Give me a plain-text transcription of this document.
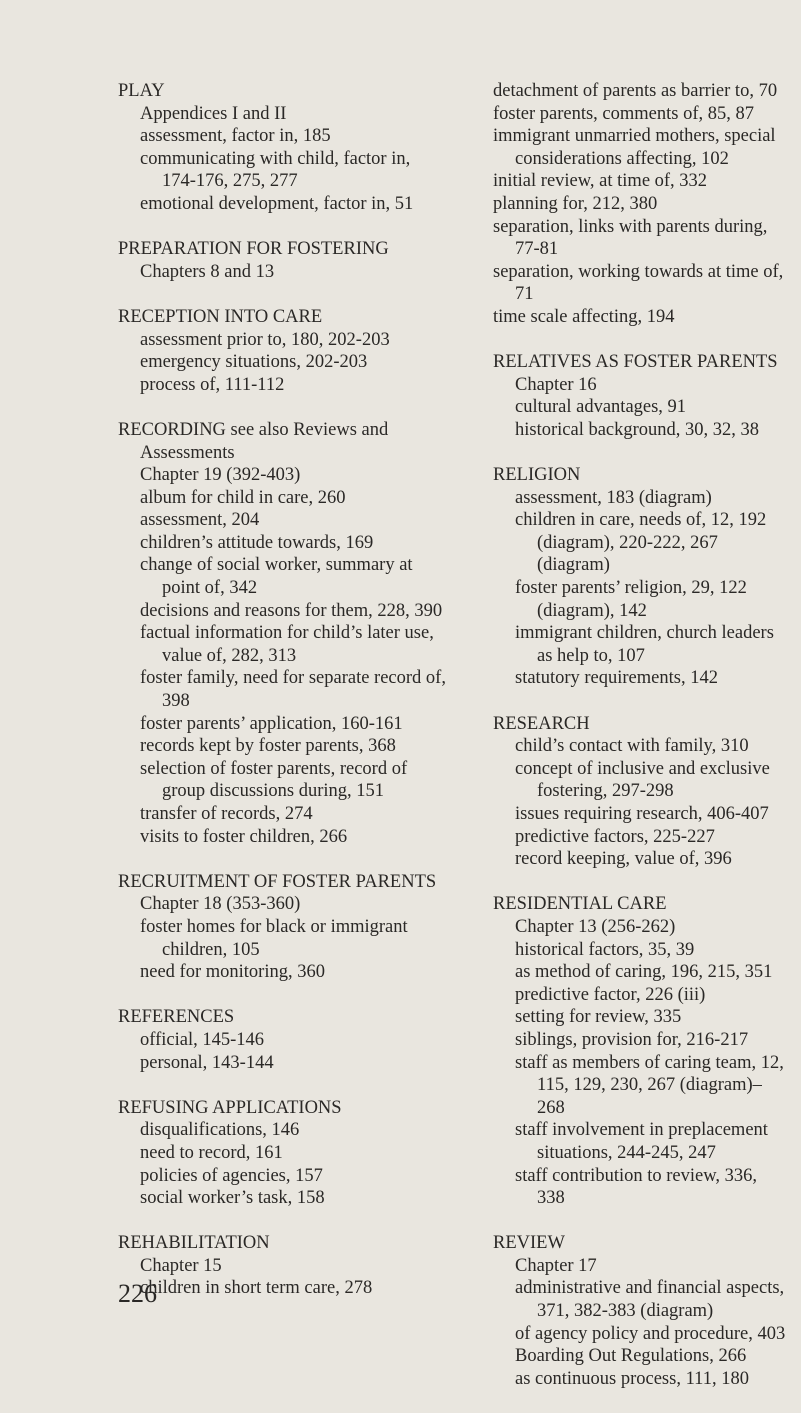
PLAY
Appendices I and II
assessment, factor in, 185
communicating with child, factor in, 174-176, 275, 277
emotional development, factor in, 51
PREPARATION FOR FOSTERING
Chapters 8 and 13
RECEPTION INTO CARE
assessment prior to, 180, 202-203
emergency situations, 202-203
process of, 111-112
RECORDING see also Reviews and Assessments
Chapter 19 (392-403)
album for child in care, 260
assessment, 204
children’s attitude towards, 169
change of social worker, summary at point of, 342
decisions and reasons for them, 228, 390
factual information for child’s later use, value of, 282, 313
foster family, need for separate record of, 398
foster parents’ application, 160-161
records kept by foster parents, 368
selection of foster parents, record of group discussions during, 151
transfer of records, 274
visits to foster children, 266
RECRUITMENT OF FOSTER PARENTS
Chapter 18 (353-360)
foster homes for black or immigrant children, 105
need for monitoring, 360
REFERENCES
official, 145-146
personal, 143-144
REFUSING APPLICATIONS
disqualifications, 146
need to record, 161
policies of agencies, 157
social worker’s task, 158
REHABILITATION
Chapter 15
children in short term care, 278
detachment of parents as barrier to, 70
foster parents, comments of, 85, 87
immigrant unmarried mothers, special considerations affecting, 102
initial review, at time of, 332
planning for, 212, 380
separation, links with parents during, 77-81
separation, working towards at time of, 71
time scale affecting, 194
RELATIVES AS FOSTER PARENTS
Chapter 16
cultural advantages, 91
historical background, 30, 32, 38
RELIGION
assessment, 183 (diagram)
children in care, needs of, 12, 192 (diagram), 220-222, 267 (diagram)
foster parents’ religion, 29, 122 (diagram), 142
immigrant children, church leaders as help to, 107
statutory requirements, 142
RESEARCH
child’s contact with family, 310
concept of inclusive and exclusive fostering, 297-298
issues requiring research, 406-407
predictive factors, 225-227
record keeping, value of, 396
RESIDENTIAL CARE
Chapter 13 (256-262)
historical factors, 35, 39
as method of caring, 196, 215, 351
predictive factor, 226 (iii)
setting for review, 335
siblings, provision for, 216-217
staff as members of caring team, 12, 115, 129, 230, 267 (diagram)–268
staff involvement in preplacement situations, 244-245, 247
staff contribution to review, 336, 338
REVIEW
Chapter 17
administrative and financial aspects, 371, 382-383 (diagram)
of agency policy and procedure, 403
Boarding Out Regulations, 266
as continuous process, 111, 180
226
